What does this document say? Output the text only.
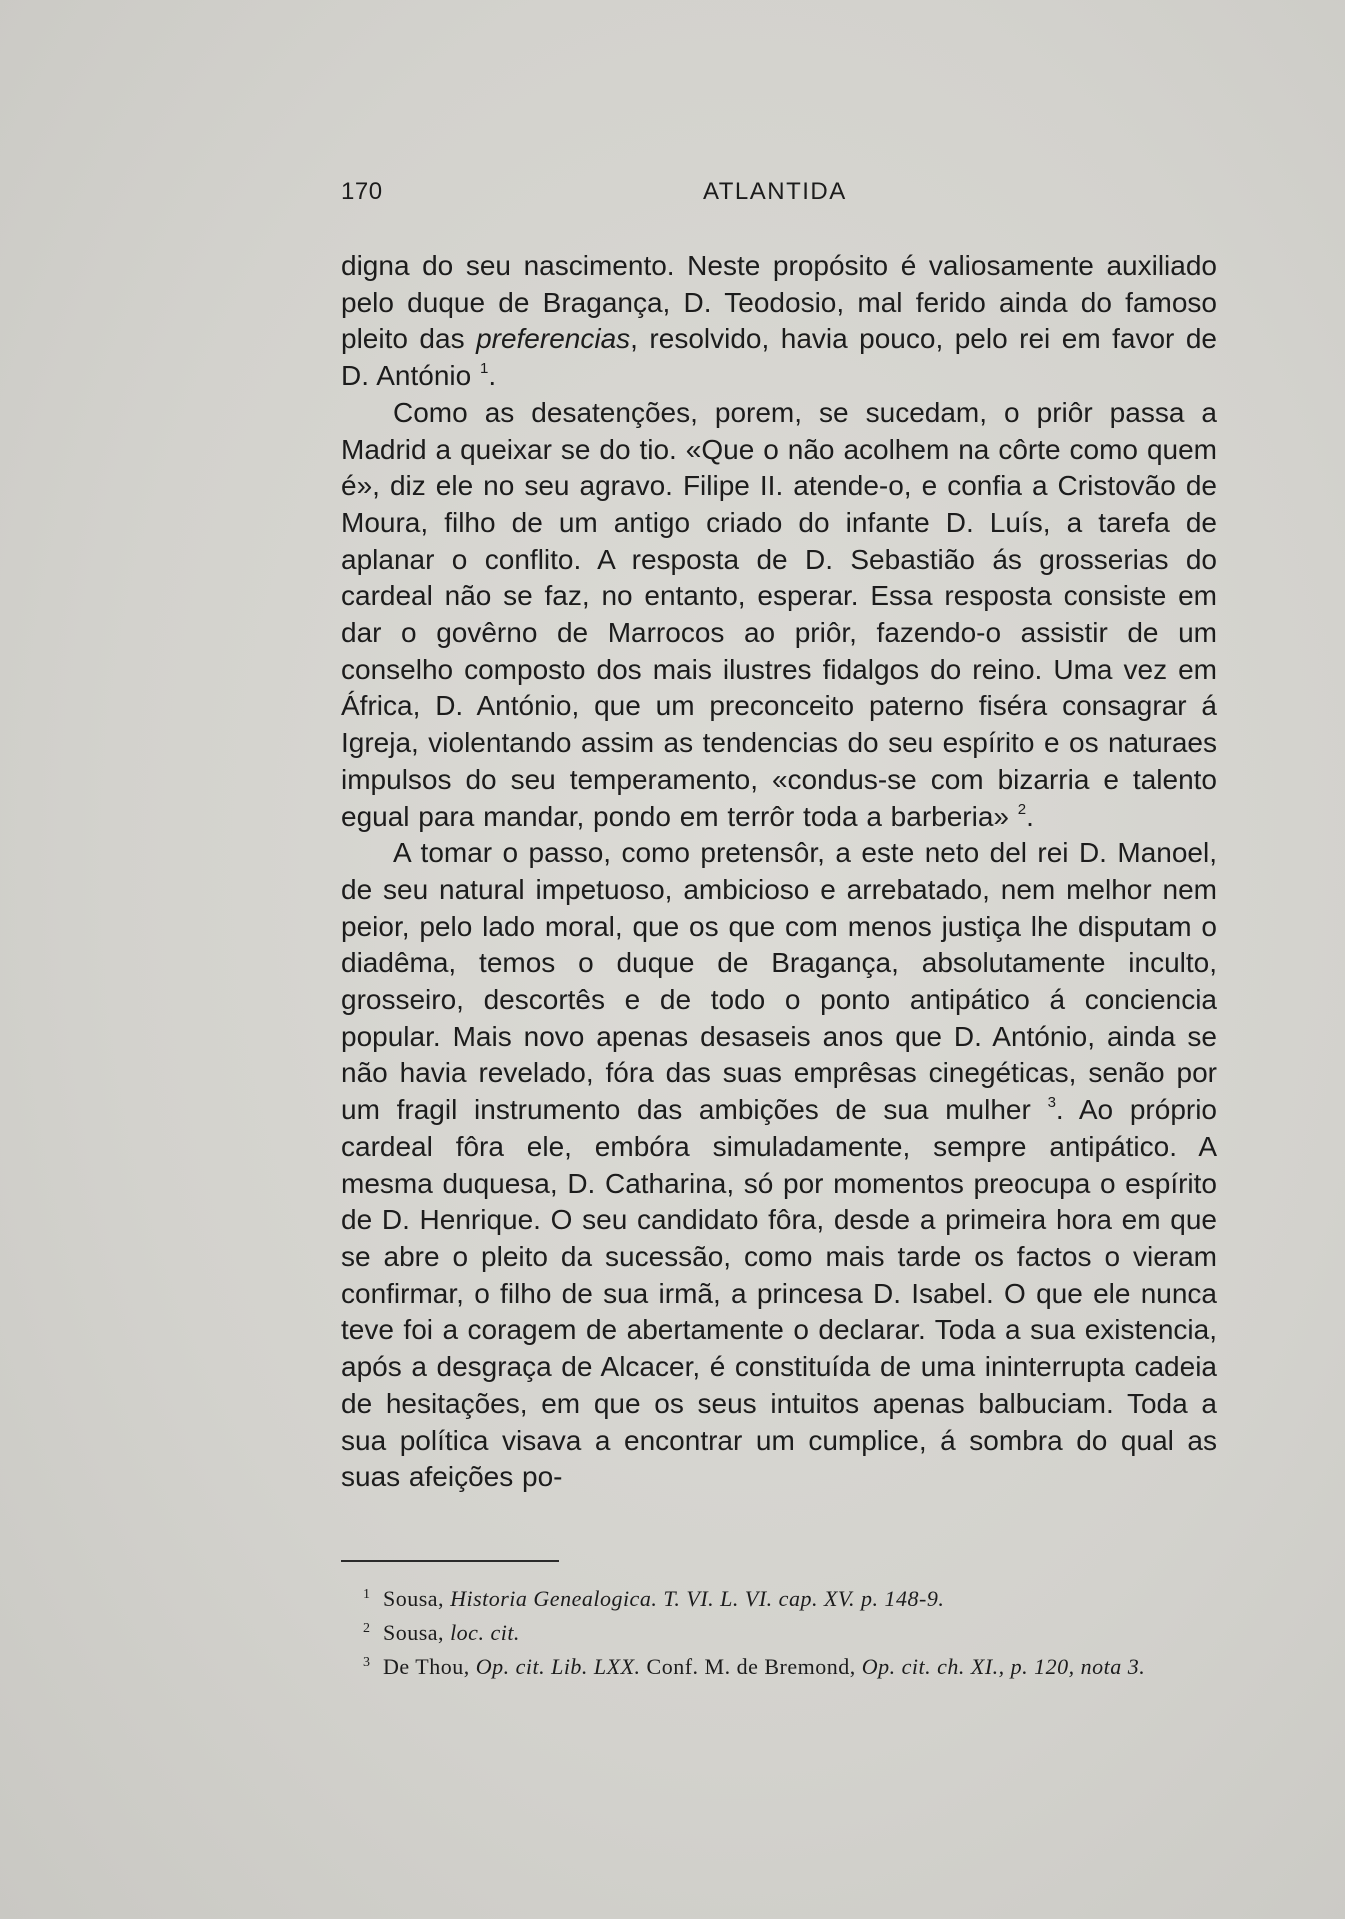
170	ATLANTIDA

digna do seu nascimento. Neste propósito é valiosamente auxiliado pelo duque de Bragança, D. Teodosio, mal ferido ainda do famoso pleito das preferencias, resolvido, havia pouco, pelo rei em favor de D. António $^1$.

Como as desatenções, porem, se sucedam, o priôr passa a Madrid a queixar se do tio. «Que o não acolhem na côrte como quem é», diz ele no seu agravo. Filipe II. atende-o, e confia a Cristovão de Moura, filho de um antigo criado do infante D. Luís, a tarefa de aplanar o conflito. A resposta de D. Sebastião ás grosserias do cardeal não se faz, no entanto, esperar. Essa resposta consiste em dar o govêrno de Marrocos ao priôr, fazendo-o assistir de um conselho composto dos mais ilustres fidalgos do reino. Uma vez em África, D. António, que um preconceito paterno fiséra consagrar á Igreja, violentando assim as tendencias do seu espírito e os naturaes impulsos do seu temperamento, «condus-se com bizarria e talento egual para mandar, pondo em terrôr toda a barberia» $^2$.

A tomar o passo, como pretensôr, a este neto del rei D. Manoel, de seu natural impetuoso, ambicioso e arrebatado, nem melhor nem peior, pelo lado moral, que os que com menos justiça lhe disputam o diadêma, temos o duque de Bragança, absolutamente inculto, grosseiro, descortês e de todo o ponto antipático á conciencia popular. Mais novo apenas desaseis anos que D. António, ainda se não havia revelado, fóra das suas emprêsas cinegéticas, senão por um fragil instrumento das ambições de sua mulher $^3$. Ao próprio cardeal fôra ele, embóra simuladamente, sempre antipático. A mesma duquesa, D. Catharina, só por momentos preocupa o espírito de D. Henrique. O seu candidato fôra, desde a primeira hora em que se abre o pleito da sucessão, como mais tarde os factos o vieram confirmar, o filho de sua irmã, a princesa D. Isabel. O que ele nunca teve foi a coragem de abertamente o declarar. Toda a sua existencia, após a desgraça de Alcacer, é constituída de uma ininterrupta cadeia de hesitações, em que os seus intuitos apenas balbuciam. Toda a sua política visava a encontrar um cumplice, á sombra do qual as suas afeições po-

1 Sousa, Historia Genealogica. T. VI. L. VI. cap. XV. p. 148-9.

2 Sousa, loc. cit.

3 De Thou, Op. cit. Lib. LXX. Conf. M. de Bremond, Op. cit. ch. XI., p. 120, nota 3.
